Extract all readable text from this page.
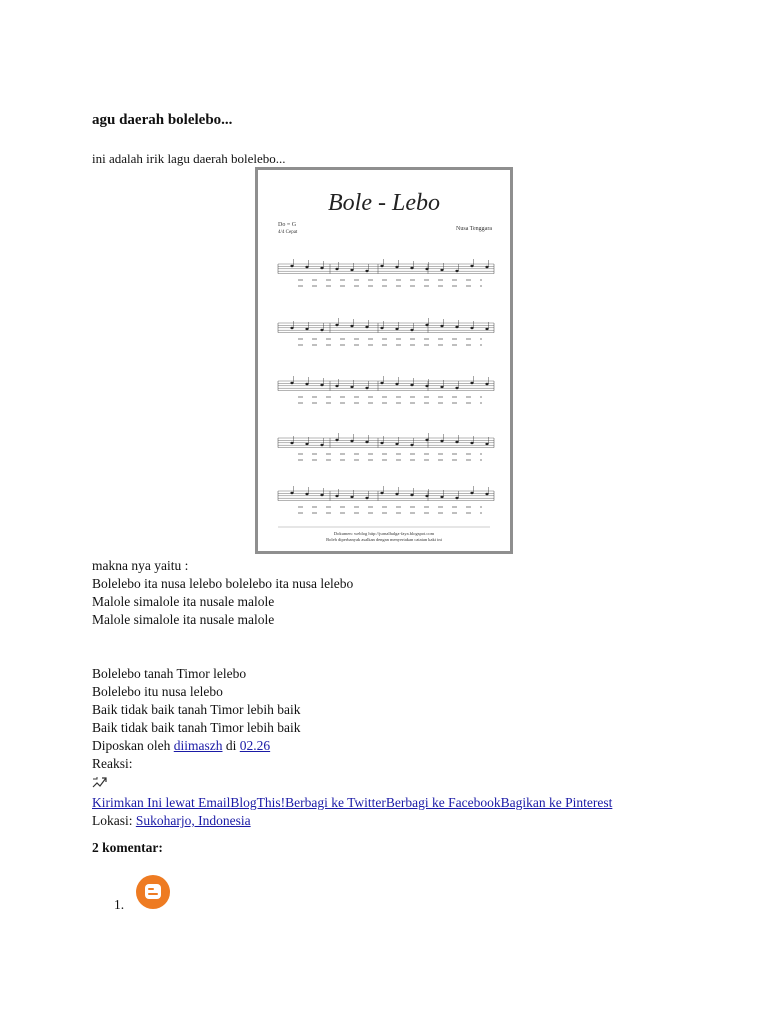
agu daerah bolelebo...
ini adalah irik lagu daerah bolelebo...
Bole - Lebo
Do = G
4/4 Cepat
Nusa Tenggara
Dokumen: weblog http://jurnalhalga-faya.blogspot.com
Boleh diperbanyak asalkan dengan menyertakan catatan kaki ini
makna nya yaitu :
Bolelebo ita nusa lelebo bolelebo ita nusa lelebo
Malole simalole ita nusale malole
Malole simalole ita nusale malole
Bolelebo tanah Timor lelebo
Bolelebo itu nusa lelebo
Baik tidak baik tanah Timor lebih baik
Baik tidak baik tanah Timor lebih baik
Diposkan oleh diimaszh di 02.26
Reaksi:
Kirimkan Ini lewat EmailBlogThis!Berbagi ke TwitterBerbagi ke FacebookBagikan ke Pinterest
Lokasi: Sukoharjo, Indonesia
2 komentar:
1.
